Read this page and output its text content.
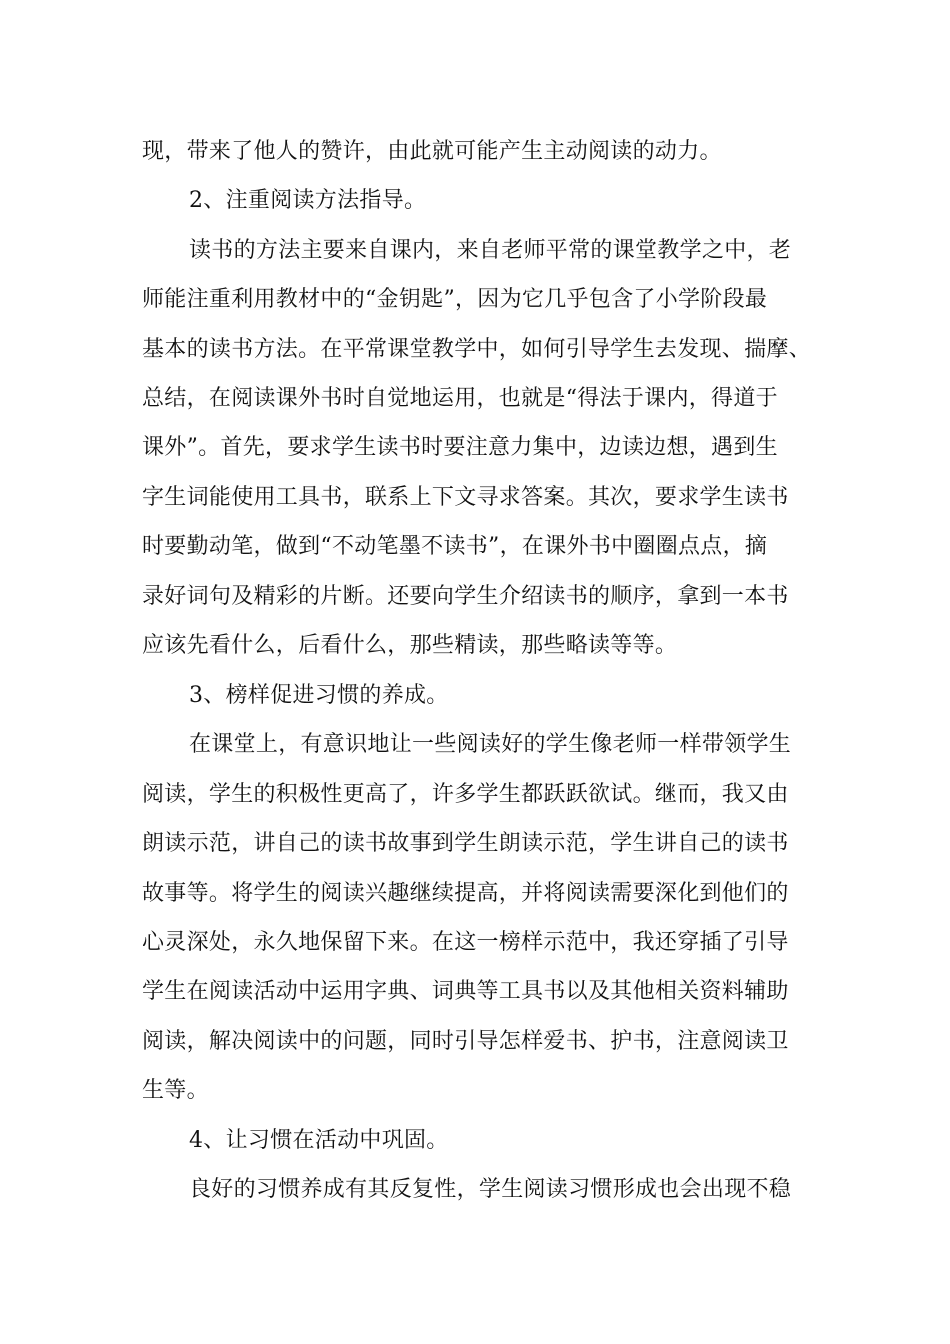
现，带来了他人的赞许，由此就可能产生主动阅读的动力。
2、注重阅读方法指导。
读书的方法主要来自课内，来自老师平常的课堂教学之中，老
师能注重利用教材中的“金钥匙”，因为它几乎包含了小学阶段最
基本的读书方法。在平常课堂教学中，如何引导学生去发现、揣摩、
总结，在阅读课外书时自觉地运用，也就是“得法于课内，得道于
课外”。首先，要求学生读书时要注意力集中，边读边想，遇到生
字生词能使用工具书，联系上下文寻求答案。其次，要求学生读书
时要勤动笔，做到“不动笔墨不读书”，在课外书中圈圈点点，摘
录好词句及精彩的片断。还要向学生介绍读书的顺序，拿到一本书
应该先看什么，后看什么，那些精读，那些略读等等。
3、榜样促进习惯的养成。
在课堂上，有意识地让一些阅读好的学生像老师一样带领学生
阅读，学生的积极性更高了，许多学生都跃跃欲试。继而，我又由
朗读示范，讲自己的读书故事到学生朗读示范，学生讲自己的读书
故事等。将学生的阅读兴趣继续提高，并将阅读需要深化到他们的
心灵深处，永久地保留下来。在这一榜样示范中，我还穿插了引导
学生在阅读活动中运用字典、词典等工具书以及其他相关资料辅助
阅读，解决阅读中的问题，同时引导怎样爱书、护书，注意阅读卫
生等。
4、让习惯在活动中巩固。
良好的习惯养成有其反复性，学生阅读习惯形成也会出现不稳
